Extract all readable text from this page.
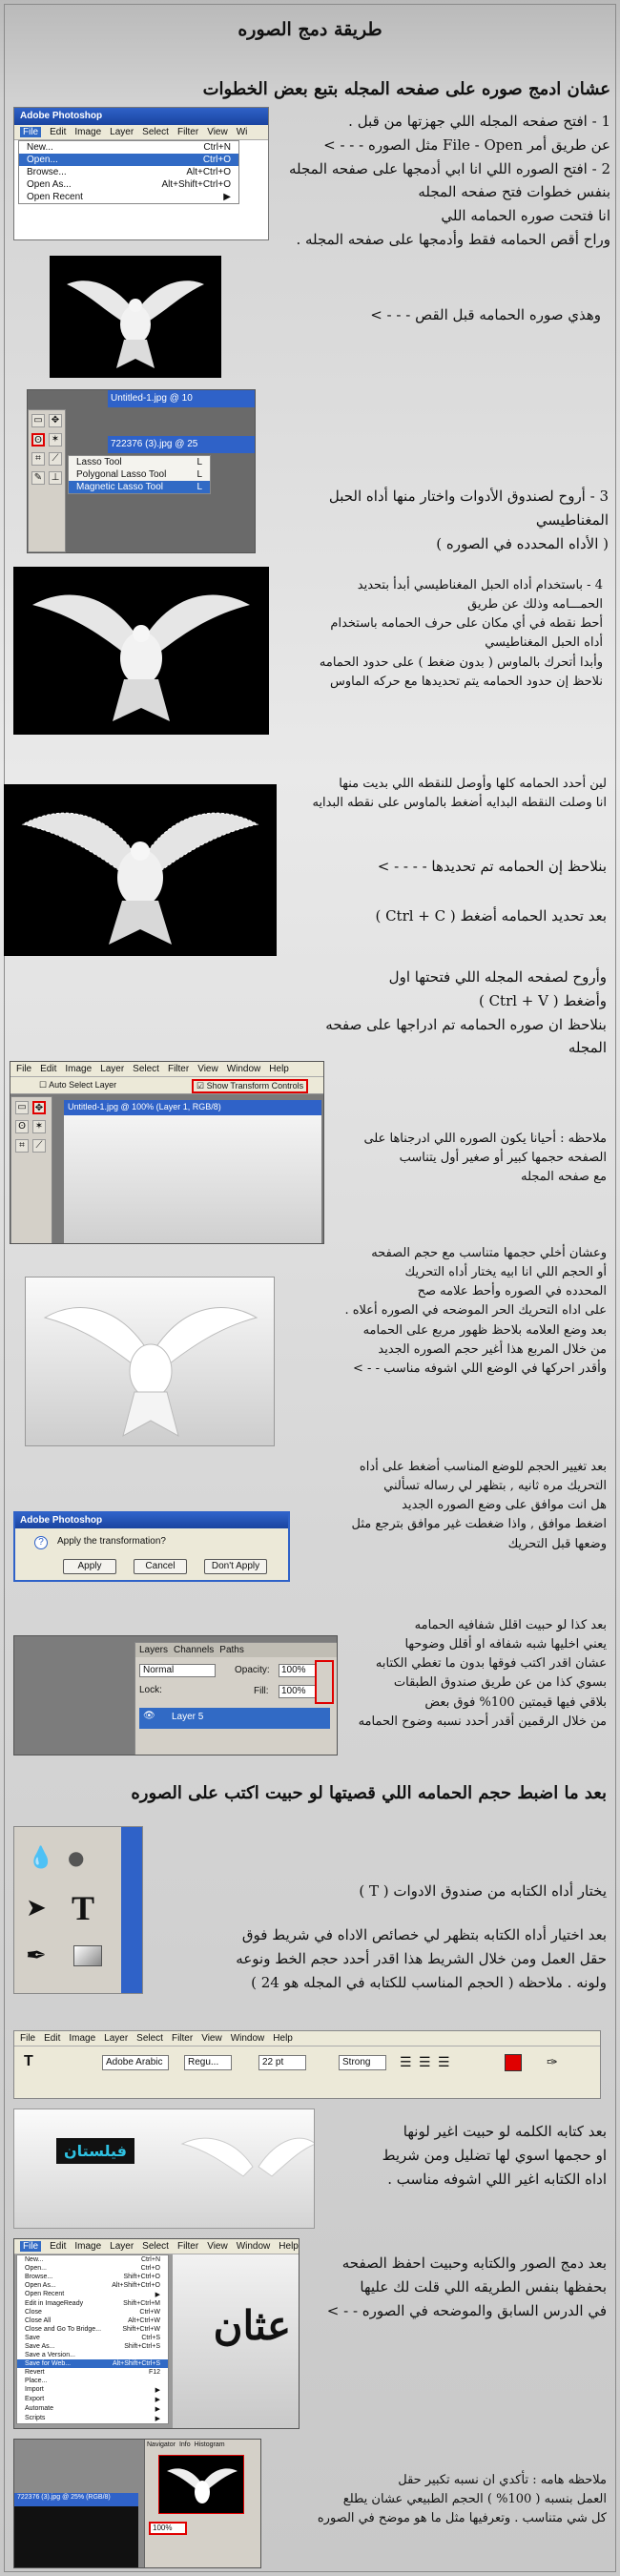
طريقة دمج الصوره
عشان ادمج صوره على صفحه المجله بتبع بعض الخطوات
Adobe Photoshop
File	Edit Image Layer Select Filter View Wi
New...	Ctrl+N
Open...	Ctrl+O
Browse...	Alt+Ctrl+O
Open As...	Alt+Shift+Ctrl+O
Open Recent	▶
1 - افتح صفحه المجله اللي جهزتها من قبل .
عن طريق أمر File - Open مثل الصوره - - - >
2 - افتح الصوره اللي انا ابي أدمجها على صفحه المجله
بنفس خطوات فتح صفحه المجله
انا فتحت صوره الحمامه اللي
وراح أقص الحمامه فقط وأدمجها على صفحه المجله .
وهذي صوره الحمامه قبل القص - - - >
Untitled-1.jpg @ 10
722376 (3).jpg @ 25
▭ ✥
ʘ ✶
⌗	⟋
✎ ⊥
Lasso Tool	L
Polygonal Lasso Tool	L
Magnetic Lasso Tool	L
3 - أروح لصندوق الأدوات واختار منها أداه الحبل المغناطيسي
( الأداه المحدده في الصوره )
4 - باستخدام أداه الحبل المغناطيسي أبدأ بتحديد
الحمـــامه وذلك عن طريق
أحط نقطه في أي مكان على حرف الحمامه باستخدام
أداه الحبل المغناطيسي
وأبدا أتحرك بالماوس ( بدون ضغط ) على حدود الحمامه
نلاحظ إن حدود الحمامه يتم تحديدها مع حركه الماوس
لين أحدد الحمامه كلها وأوصل للنقطه اللي بديت منها
انا وصلت النقطه البدايه أضغط بالماوس على نقطه البدايه
بنلاحظ إن الحمامه تم تحديدها - - - - >
بعد تحديد الحمامه أضغط ( Ctrl + C )
وأروح لصفحه المجله اللي فتحتها اول
وأضغط ( Ctrl + V )
بنلاحظ ان صوره الحمامه تم ادراجها على صفحه
المجله
File Edit Image Layer Select Filter View Window Help
☐ Auto Select Layer	☑ Show Transform Controls
▭ ✥
ʘ ✶
⌗	⟋
Untitled-1.jpg @ 100% (Layer 1, RGB/8)
ملاحظه : أحيانا يكون الصوره اللي ادرجناها على
الصفحه حجمها كبير أو صغير أول يتناسب
مع صفحه المجله
وعشان أخلي حجمها متناسب مع حجم الصفحه
أو الحجم اللي انا ابيه يختار أداه التحريك
المحدده في الصوره وأحط علامه صح
على اداه التحريك الحر الموضحه في الصوره أعلاه .
بعد وضع العلامه بلاحظ ظهور مربع على الحمامه
من خلال المربع هذا أغير حجم الصوره الجديد
وأقدر احركها في الوضع اللي اشوفه مناسب - - >
Adobe Photoshop
?	Apply the transformation?
Apply	Cancel	Don't Apply
بعد تغيير الحجم للوضع المناسب أضغط على أداه
التحريك مره ثانيه , بتظهر لي رساله تسألني
هل انت موافق على وضع الصوره الجديد
اضغط موافق , واذا ضغطت غير موافق بترجع مثل
وضعها قبل التحريك
Layers Channels Paths
Normal	Opacity:	100%
Lock:	Fill:	100%
Layer 5
👁
بعد كذا لو حبيت اقلل شفافيه الحمامه
يعني اخليها شبه شفافه او أقلل وضوحها
عشان اقدر اكتب فوقها بدون ما تغطي الكتابه
بسوي كذا من عن طريق صندوق الطبقات
بلاقي فيها قيمتين 100% فوق بعض
من خلال الرقمين أقدر أحدد نسبه وضوح الحمامه
بعد ما اضبط حجم الحمامه اللي قصيتها لو حبيت اكتب على الصوره
💧 ●
➤ T
✒
يختار أداه الكتابه من صندوق الادوات ( T )
بعد اختيار أداه الكتابه بتظهر لي خصائص الاداه في شريط فوق
حقل العمل ومن خلال الشريط هذا اقدر أحدد حجم الخط ونوعه
ولونه . ملاحظه ( الحجم المناسب للكتابه في المجله هو 24 )
File Edit Image Layer Select Filter View Window Help
T	Adobe Arabic	Regu...	22 pt	Strong	☰ ☰ ☰	✑
فيلستان
بعد كتابه الكلمه لو حبيت اغير لونها
او حجمها اسوي لها تضليل ومن شريط
اداه الكتابه اغير اللي اشوفه مناسب .
File	Edit Image Layer Select Filter View Window Help
New...	Ctrl+N
Open...	Ctrl+O
Browse...	Shift+Ctrl+O
Open As...	Alt+Shift+Ctrl+O
Open Recent	▶
Edit in ImageReady	Shift+Ctrl+M
Close	Ctrl+W
Close All	Alt+Ctrl+W
Close and Go To Bridge...	Shift+Ctrl+W
Save	Ctrl+S
Save As...	Shift+Ctrl+S
Save a Version...
Save for Web...	Alt+Shift+Ctrl+S
Revert	F12
Place...
Import	▶
Export	▶
Automate	▶
Scripts	▶
عثان
بعد دمج الصور والكتابه وحبيت احفظ الصفحه
بحفظها بنفس الطريقه اللي قلت لك عليها
في الدرس السابق والموضحه في الصوره - - >
722376 (3).jpg @ 25% (RGB/8)
Navigator Info Histogram
100%
ملاحظه هامه : تأكدي ان نسبه تكبير حقل
العمل بنسبه ( 100% ) الحجم الطبيعي عشان يطلع
كل شي متناسب . وتعرفيها مثل ما هو موضح في الصوره
